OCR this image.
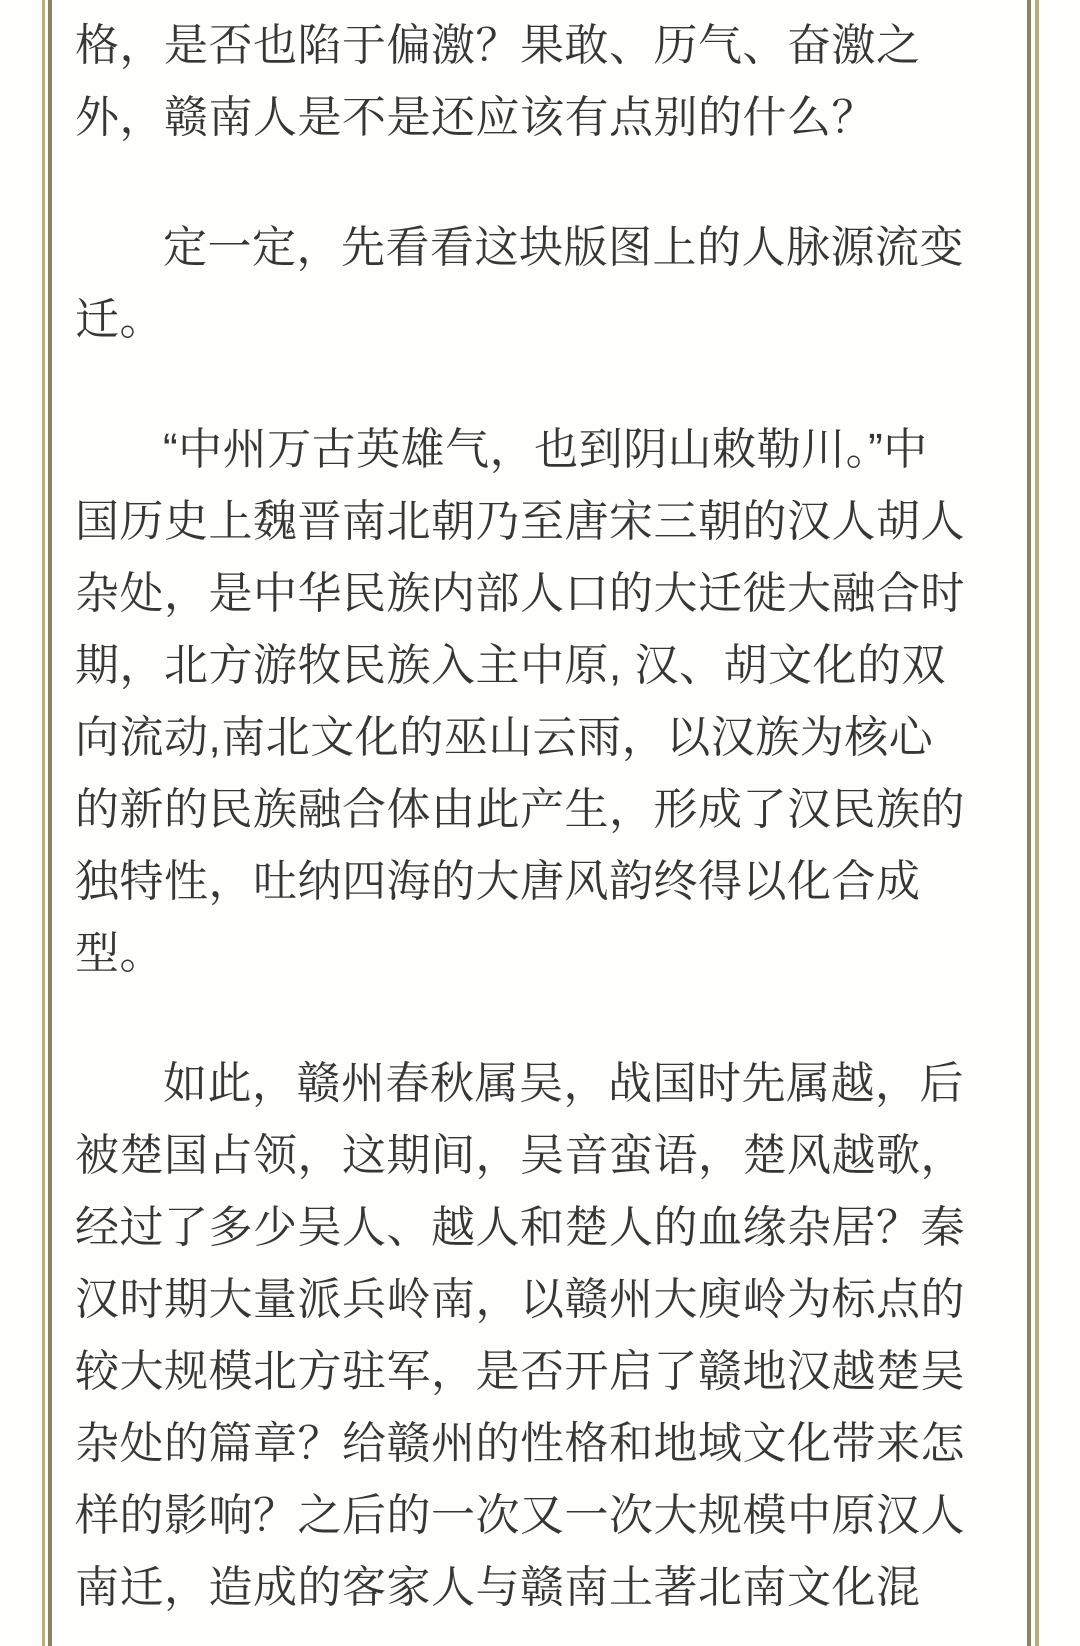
格，是否也陷于偏激？果敢、历气、奋激之
外，赣南人是不是还应该有点别的什么？

定一定，先看看这块版图上的人脉源流变
迁。

“中州万古英雄气，也到阴山敕勒川。”中
国历史上魏晋南北朝乃至唐宋三朝的汉人胡人
杂处，是中华民族内部人口的大迁徙大融合时
期，北方游牧民族入主中原, 汉、胡文化的双
向流动,南北文化的巫山云雨，以汉族为核心
的新的民族融合体由此产生，形成了汉民族的
独特性，吐纳四海的大唐风韵终得以化合成
型。

如此，赣州春秋属吴，战国时先属越，后
被楚国占领，这期间，吴音蛮语，楚风越歌，
经过了多少吴人、越人和楚人的血缘杂居？秦
汉时期大量派兵岭南，以赣州大庾岭为标点的
较大规模北方驻军，是否开启了赣地汉越楚吴
杂处的篇章？给赣州的性格和地域文化带来怎
样的影响？之后的一次又一次大规模中原汉人
南迁，造成的客家人与赣南土著北南文化混
